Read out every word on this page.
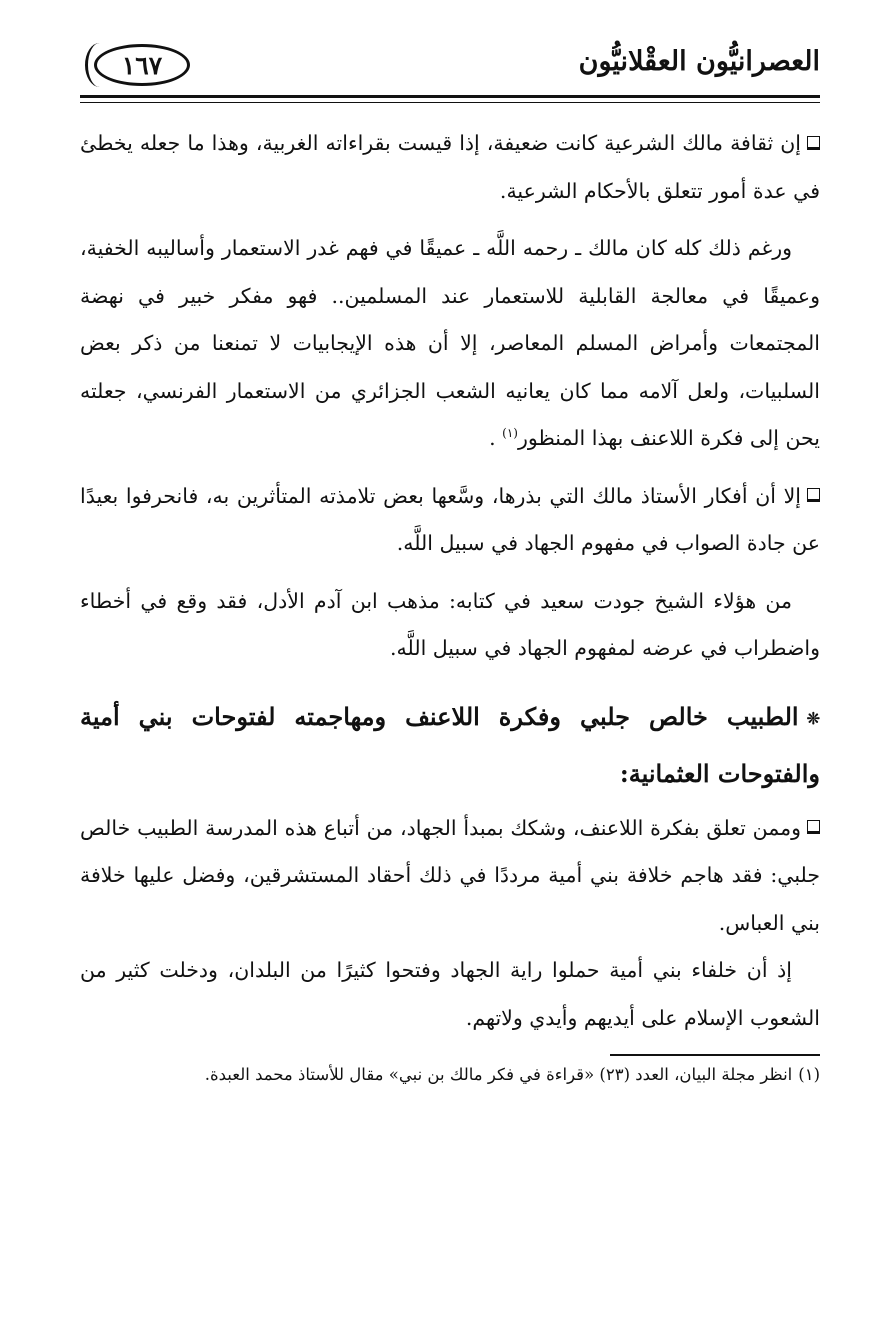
العصرانيُّون العقْلانيُّون
١٦٧

إن ثقافة مالك الشرعية كانت ضعيفة، إذا قيست بقراءاته الغربية، وهذا ما جعله يخطئ في عدة أمور تتعلق بالأحكام الشرعية.

ورغم ذلك كله كان مالك ـ رحمه اللَّه ـ عميقًا في فهم غدر الاستعمار وأساليبه الخفية، وعميقًا في معالجة القابلية للاستعمار عند المسلمين.. فهو مفكر خبير في نهضة المجتمعات وأمراض المسلم المعاصر، إلا أن هذه الإيجابيات لا تمنعنا من ذكر بعض السلبيات، ولعل آلامه مما كان يعانيه الشعب الجزائري من الاستعمار الفرنسي، جعلته يحن إلى فكرة اللاعنف بهذا المنظور$^{(١)}$ .

إلا أن أفكار الأستاذ مالك التي بذرها، وسَّعها بعض تلامذته المتأثرين به، فانحرفوا بعيدًا عن جادة الصواب في مفهوم الجهاد في سبيل اللَّه.

من هؤلاء الشيخ جودت سعيد في كتابه: مذهب ابن آدم الأدل، فقد وقع في أخطاء واضطراب في عرضه لمفهوم الجهاد في سبيل اللَّه.

❊الطبيب خالص جلبي وفكرة اللاعنف ومهاجمته لفتوحات بني أمية والفتوحات العثمانية:

وممن تعلق بفكرة اللاعنف، وشكك بمبدأ الجهاد، من أتباع هذه المدرسة الطبيب خالص جلبي: فقد هاجم خلافة بني أمية مرددًا في ذلك أحقاد المستشرقين، وفضل عليها خلافة بني العباس.

إذ أن خلفاء بني أمية حملوا راية الجهاد وفتحوا كثيرًا من البلدان، ودخلت كثير من الشعوب الإسلام على أيديهم وأيدي ولاتهم.

(١)انظر مجلة البيان، العدد (٢٣) «قراءة في فكر مالك بن نبي» مقال للأستاذ محمد العبدة.
